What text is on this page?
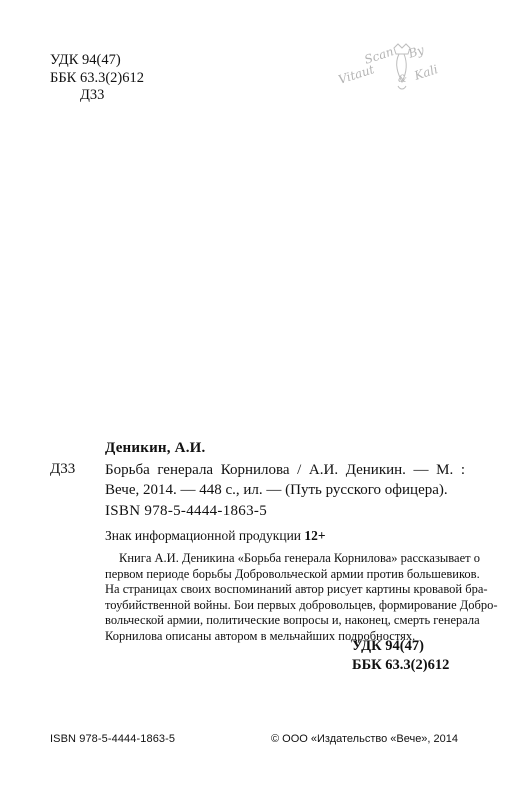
УДК 94(47)
ББК 63.3(2)612
Д33
Scan By
Vitaut & Kali
Деникин, А.И.
Д33 Борьба генерала Корнилова / А.И. Деникин. — М. :
Вече, 2014. — 448 с., ил. — (Путь русского офицера).
ISBN 978-5-4444-1863-5
Знак информационной продукции 12+
Книга А.И. Деникина «Борьба генерала Корнилова» рассказывает о
первом периоде борьбы Добровольческой армии против большевиков.
На страницах своих воспоминаний автор рисует картины кровавой бра-
тоубийственной войны. Бои первых добровольцев, формирование Добро-
вольческой армии, политические вопросы и, наконец, смерть генерала
Корнилова описаны автором в мельчайших подробностях.
УДК 94(47)
ББК 63.3(2)612
ISBN 978-5-4444-1863-5	© ООО «Издательство «Вече», 2014
